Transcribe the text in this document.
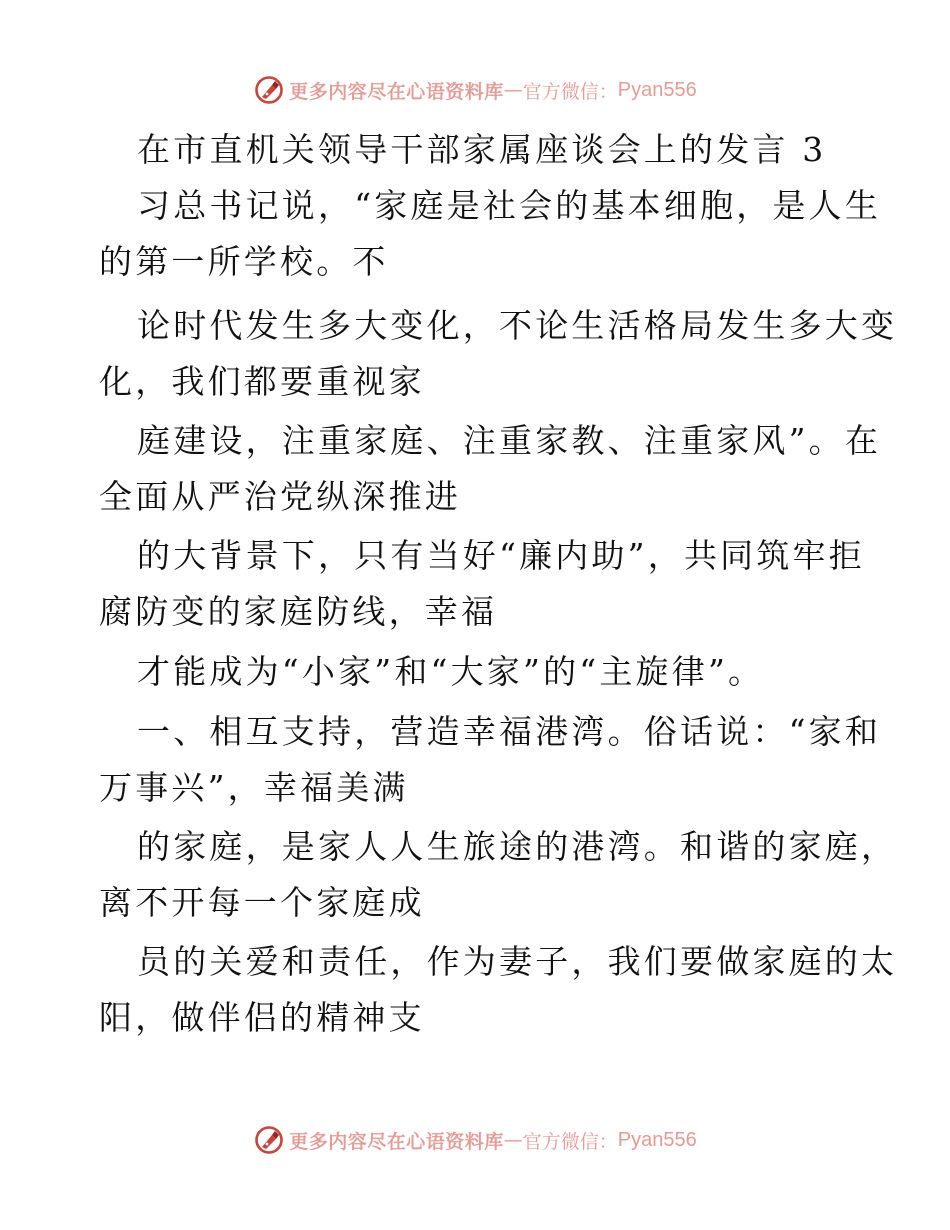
更多内容尽在心语资料库 — 官方微信： Pyan556
在市直机关领导干部家属座谈会上的发言 3
习总书记说，“家庭是社会的基本细胞，是人生
的第一所学校。不
论时代发生多大变化，不论生活格局发生多大变
化，我们都要重视家
庭建设，注重家庭、注重家教、注重家风”。在
全面从严治党纵深推进
的大背景下，只有当好“廉内助”，共同筑牢拒
腐防变的家庭防线，幸福
才能成为“小家”和“大家”的“主旋律”。
一、相互支持，营造幸福港湾。俗话说：“家和
万事兴”，幸福美满
的家庭，是家人人生旅途的港湾。和谐的家庭，
离不开每一个家庭成
员的关爱和责任，作为妻子，我们要做家庭的太
阳，做伴侣的精神支
更多内容尽在心语资料库 — 官方微信： Pyan556
